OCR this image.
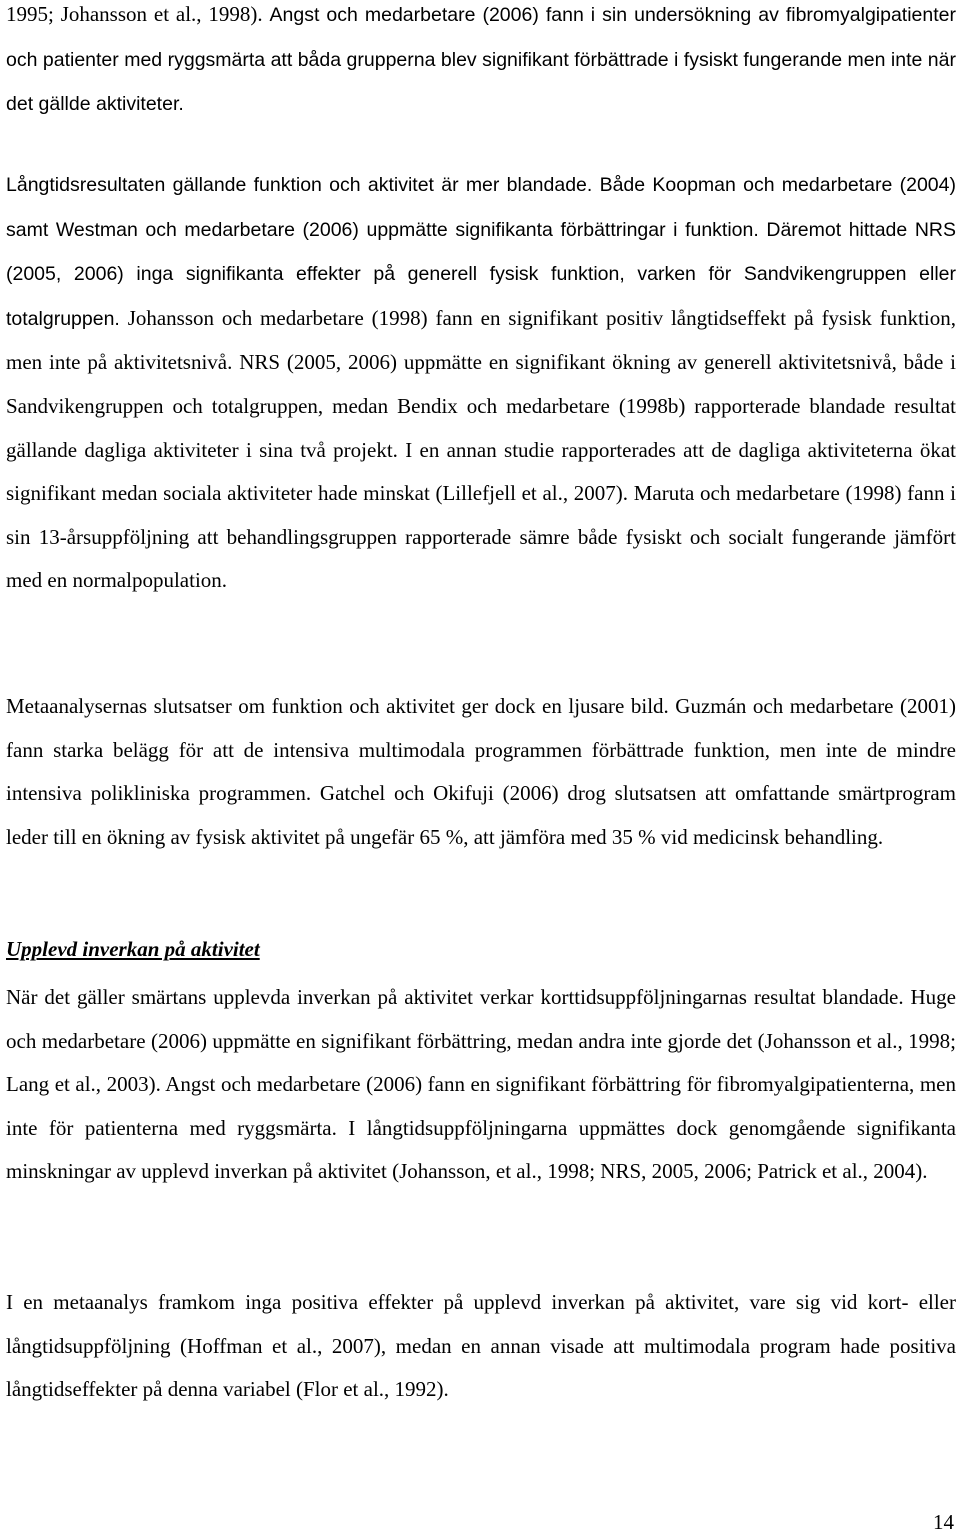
1995; Johansson et al., 1998). Angst och medarbetare (2006) fann i sin undersökning av fibromyalgipatienter och patienter med ryggsmärta att båda grupperna blev signifikant förbättrade i fysiskt fungerande men inte när det gällde aktiviteter.

Långtidsresultaten gällande funktion och aktivitet är mer blandade. Både Koopman och medarbetare (2004) samt Westman och medarbetare (2006) uppmätte signifikanta förbättringar i funktion. Däremot hittade NRS (2005, 2006) inga signifikanta effekter på generell fysisk funktion, varken för Sandvikengruppen eller totalgruppen. Johansson och medarbetare (1998) fann en signifikant positiv långtidseffekt på fysisk funktion, men inte på aktivitetsnivå. NRS (2005, 2006) uppmätte en signifikant ökning av generell aktivitetsnivå, både i Sandvikengruppen och totalgruppen, medan Bendix och medarbetare (1998b) rapporterade blandade resultat gällande dagliga aktiviteter i sina två projekt. I en annan studie rapporterades att de dagliga aktiviteterna ökat signifikant medan sociala aktiviteter hade minskat (Lillefjell et al., 2007). Maruta och medarbetare (1998) fann i sin 13-årsuppföljning att behandlingsgruppen rapporterade sämre både fysiskt och socialt fungerande jämfört med en normalpopulation.

Metaanalysernas slutsatser om funktion och aktivitet ger dock en ljusare bild. Guzmán och medarbetare (2001) fann starka belägg för att de intensiva multimodala programmen förbättrade funktion, men inte de mindre intensiva polikliniska programmen. Gatchel och Okifuji (2006) drog slutsatsen att omfattande smärtprogram leder till en ökning av fysisk aktivitet på ungefär 65 %, att jämföra med 35 % vid medicinsk behandling.

Upplevd inverkan på aktivitet

När det gäller smärtans upplevda inverkan på aktivitet verkar korttidsuppföljningarnas resultat blandade. Huge och medarbetare (2006) uppmätte en signifikant förbättring, medan andra inte gjorde det (Johansson et al., 1998; Lang et al., 2003). Angst och medarbetare (2006) fann en signifikant förbättring för fibromyalgipatienterna, men inte för patienterna med ryggsmärta. I långtidsuppföljningarna uppmättes dock genomgående signifikanta minskningar av upplevd inverkan på aktivitet (Johansson, et al., 1998; NRS, 2005, 2006; Patrick et al., 2004).

I en metaanalys framkom inga positiva effekter på upplevd inverkan på aktivitet, vare sig vid kort- eller långtidsuppföljning (Hoffman et al., 2007), medan en annan visade att multimodala program hade positiva långtidseffekter på denna variabel (Flor et al., 1992).

14
